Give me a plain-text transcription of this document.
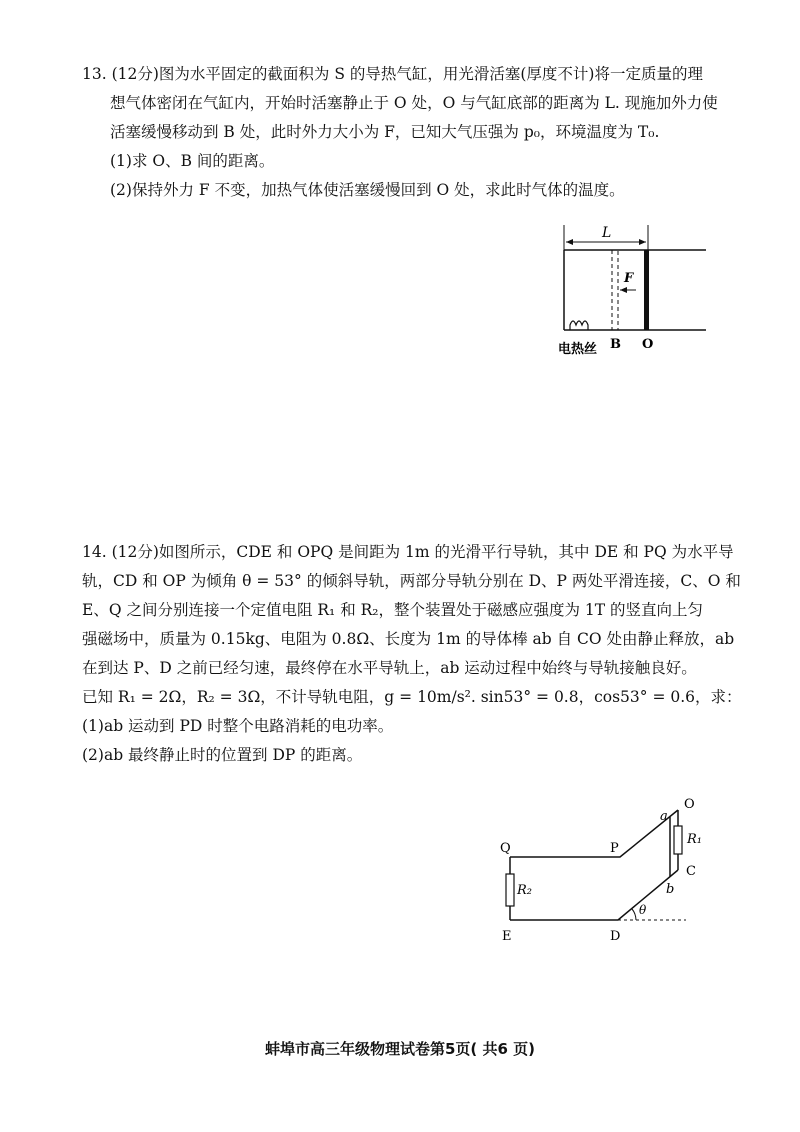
13. (12分)图为水平固定的截面积为 S 的导热气缸，用光滑活塞(厚度不计)将一定质量的理

想气体密闭在气缸内，开始时活塞静止于 O 处，O 与气缸底部的距离为 L. 现施加外力使

活塞缓慢移动到 B 处，此时外力大小为 F，已知大气压强为 p₀，环境温度为 T₀.

(1)求 O、B 间的距离。

(2)保持外力 F 不变，加热气体使活塞缓慢回到 O 处，求此时气体的温度。

L
F
电热丝 B O

14. (12分)如图所示，CDE 和 OPQ 是间距为 1m 的光滑平行导轨，其中 DE 和 PQ 为水平导

轨，CD 和 OP 为倾角 θ = 53° 的倾斜导轨，两部分导轨分别在 D、P 两处平滑连接，C、O 和

E、Q 之间分别连接一个定值电阻 R₁ 和 R₂，整个装置处于磁感应强度为 1T 的竖直向上匀

强磁场中，质量为 0.15kg、电阻为 0.8Ω、长度为 1m 的导体棒 ab 自 CO 处由静止释放，ab

在到达 P、D 之前已经匀速，最终停在水平导轨上，ab 运动过程中始终与导轨接触良好。

已知 R₁ = 2Ω，R₂ = 3Ω，不计导轨电阻，g = 10m/s². sin53° = 0.8，cos53° = 0.6，求：

(1)ab 运动到 PD 时整个电路消耗的电功率。

(2)ab 最终静止时的位置到 DP 的距离。

θ
O
a
R₁
Q	P
C
b
R₂
E	D
蚌埠市高三年级物理试卷第5页( 共6 页)
